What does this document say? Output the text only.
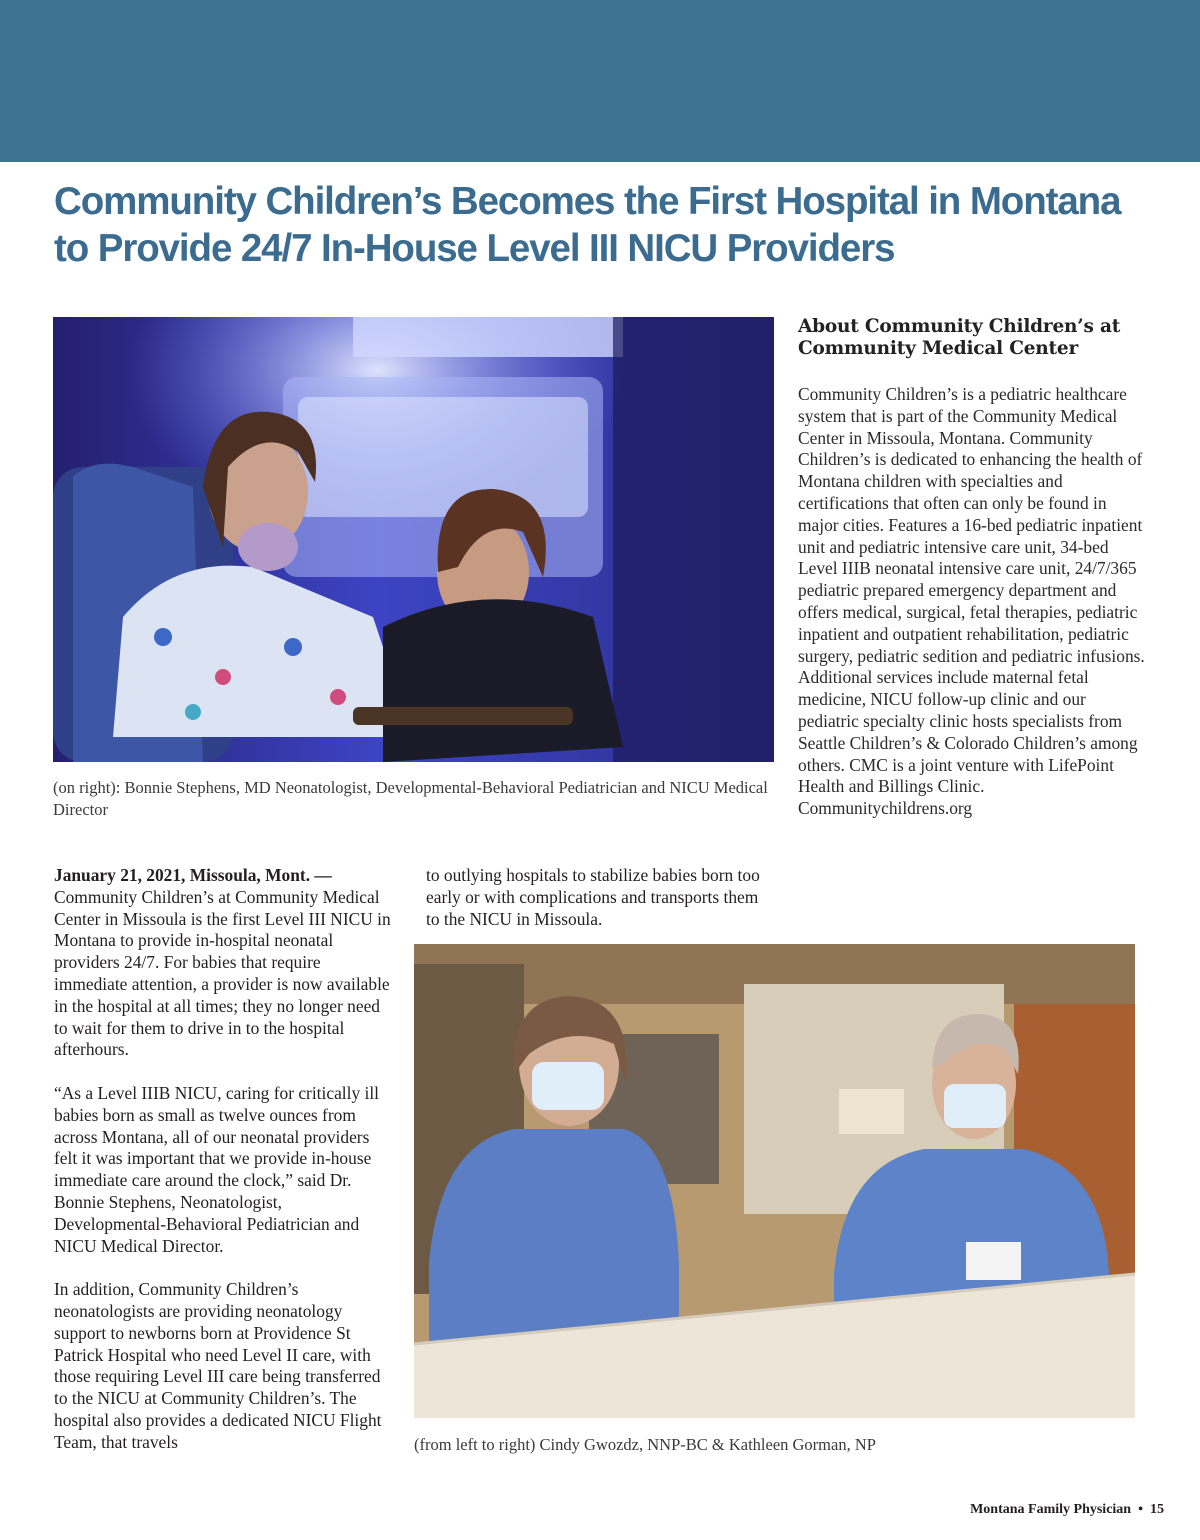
Community Children’s Becomes the First Hospital in Montana
to Provide 24/7 In-House Level III NICU Providers
(on right): Bonnie Stephens, MD Neonatologist, Developmental-Behavioral Pediatrician and NICU Medical Director
About Community Children’s at Community Medical Center

Community Children’s is a pediatric healthcare system that is part of the Community Medical Center in Missoula, Montana. Community Children’s is dedicated to enhancing the health of Montana children with specialties and certifications that often can only be found in major cities. Features a 16-bed pediatric inpatient unit and pediatric intensive care unit, 34-bed Level IIIB neonatal intensive care unit, 24/7/365 pediatric prepared emergency department and offers medical, surgical, fetal therapies, pediatric inpatient and outpatient rehabilitation, pediatric surgery, pediatric sedition and pediatric infusions. Additional services include maternal fetal medicine, NICU follow-up clinic and our pediatric specialty clinic hosts specialists from Seattle Children’s & Colorado Children’s among others. CMC is a joint venture with LifePoint Health and Billings Clinic. Communitychildrens.org

January 21, 2021, Missoula, Mont. — Community Children’s at Community Medical Center in Missoula is the first Level III NICU in Montana to provide in-hospital neonatal providers 24/7. For babies that require immediate attention, a provider is now available in the hospital at all times; they no longer need to wait for them to drive in to the hospital afterhours.

“As a Level IIIB NICU, caring for critically ill babies born as small as twelve ounces from across Montana, all of our neonatal providers felt it was important that we provide in-house immediate care around the clock,” said Dr. Bonnie Stephens, Neonatologist, Developmental-Behavioral Pediatrician and NICU Medical Director.

In addition, Community Children’s neonatologists are providing neonatology support to newborns born at Providence St Patrick Hospital who need Level II care, with those requiring Level III care being transferred to the NICU at Community Children’s. The hospital also provides a dedicated NICU Flight Team, that travels

to outlying hospitals to stabilize babies born too early or with complications and transports them to the NICU in Missoula.

(from left to right) Cindy Gwozdz, NNP-BC & Kathleen Gorman, NP
Montana Family Physician • 15
